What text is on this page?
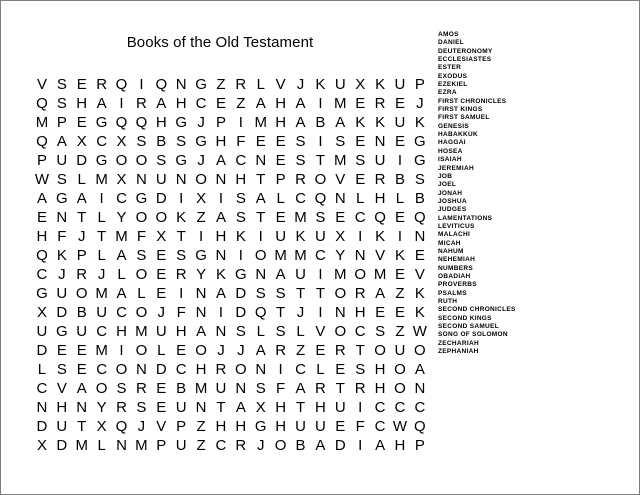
Books of the Old Testament
V S E R Q I Q N G Z R L V J K U X K U P
Q S H A I R A H C E Z A H A I M E R E J
M P E G Q Q H G J P I M H A B A K K U K
Q A X C X S B S G H F E E S I S E N E G
P U D G O O S G J A C N E S T M S U I G
W S L M X N U N O N H T P R O V E R B S
A G A I C G D I X I S A L C Q N L H L B
E N T L Y O O K Z A S T E M S E C Q E Q
H F J T M F X T I H K I U K U X I K I N
Q K P L A S E S G N I O M M C Y N V K E
C J R J L O E R Y K G N A U I M O M E V
G U O M A L E I N A D S S T T O R A Z K
X D B U C O J F N I D Q T J I N H E E K
U G U C H M U H A N S L S L V O C S Z W
D E E M I O L E O J J A R Z E R T O U O
L S E C O N D C H R O N I C L E S H O A
C V A O S R E B M U N S F A R T R H O N
N H N Y R S E U N T A X H T H U I C C C
D U T X Q J V P Z H H G H U U E F C W Q
X D M L N M P U Z C R J O B A D I A H P
AMOS
DANIEL
DEUTERONOMY
ECCLESIASTES
ESTER
EXODUS
EZEKIEL
EZRA
FIRST CHRONICLES
FIRST KINGS
FIRST SAMUEL
GENESIS
HABAKKUK
HAGGAI
HOSEA
ISAIAH
JEREMIAH
JOB
JOEL
JONAH
JOSHUA
JUDGES
LAMENTATIONS
LEVITICUS
MALACHI
MICAH
NAHUM
NEHEMIAH
NUMBERS
OBADIAH
PROVERBS
PSALMS
RUTH
SECOND CHRONICLES
SECOND KINGS
SECOND SAMUEL
SONG OF SOLOMON
ZECHARIAH
ZEPHANIAH
